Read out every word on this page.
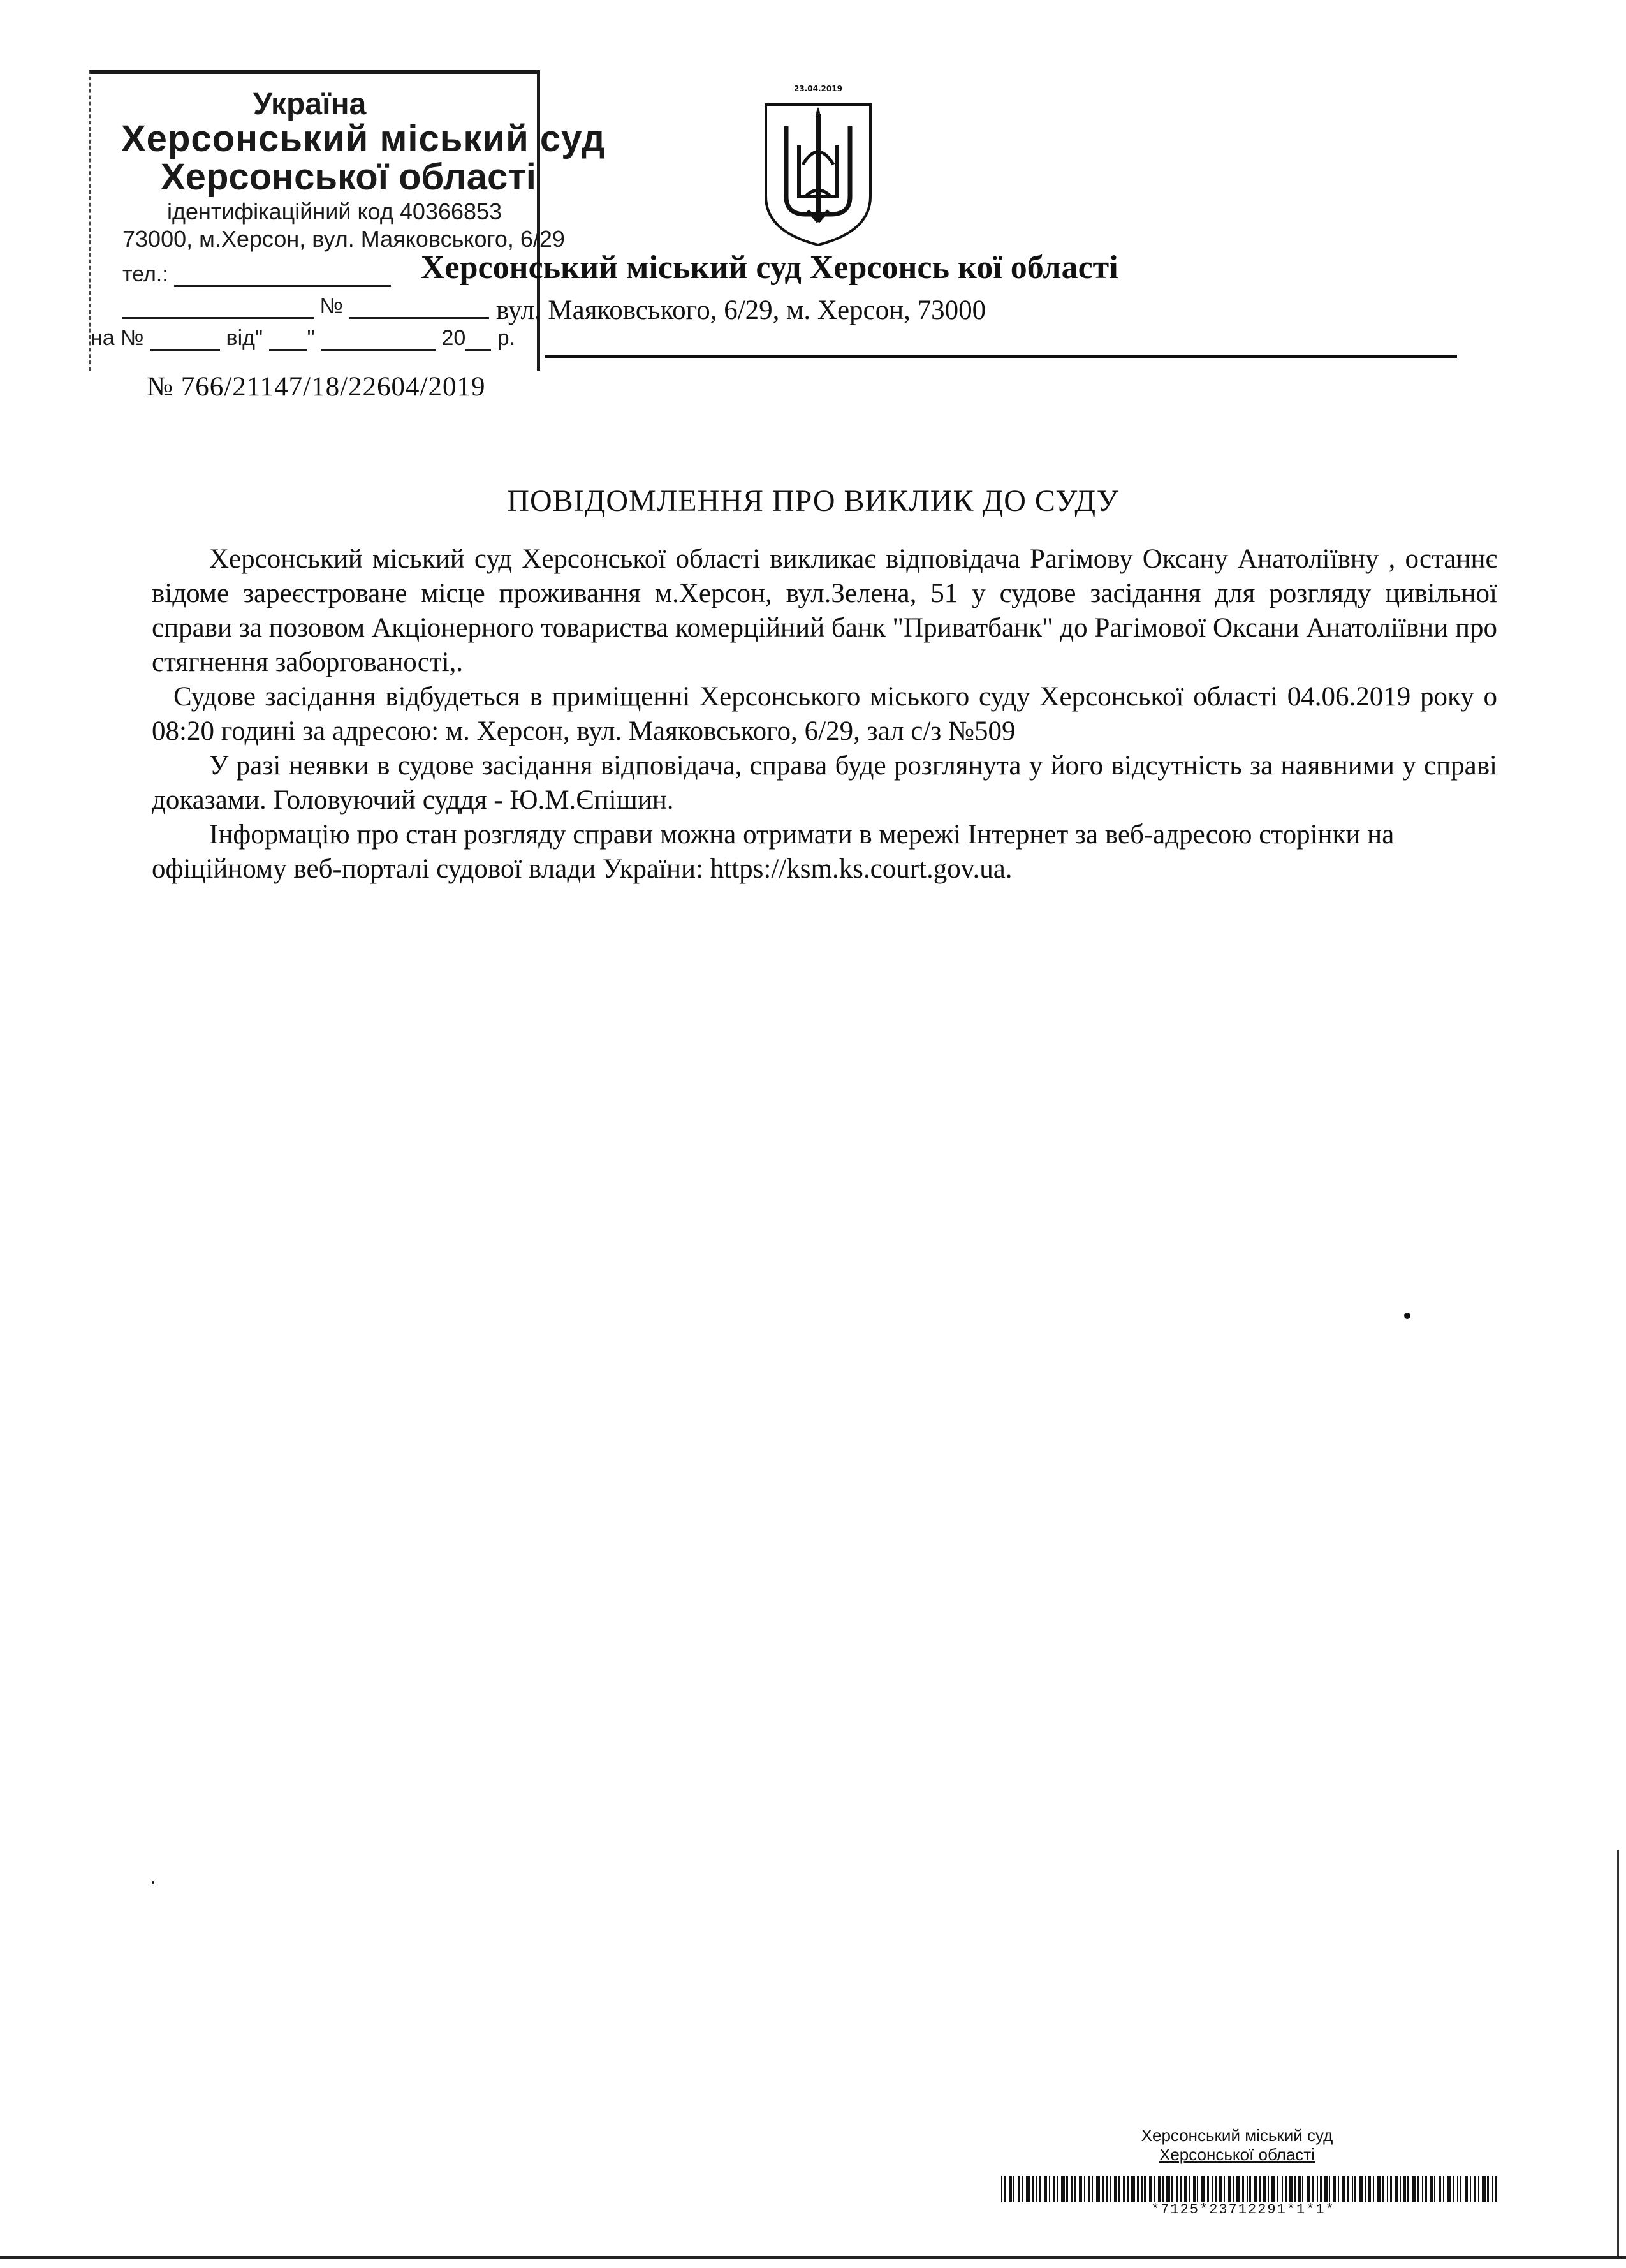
Україна
Херсонський міський суд
Херсонської області
ідентифікаційний код 40366853
73000, м.Херсон, вул. Маяковського, 6/29
тел.:
№
на №	від" "	20 р.
23.04.2019
Херсонський міський суд Херсонсь кої області
вул. Маяковського, 6/29, м. Херсон, 73000
№ 766/21147/18/22604/2019
ПОВІДОМЛЕННЯ ПРО ВИКЛИК ДО СУДУ

Херсонський міський суд Херсонської області викликає відповідача Рагімову Оксану Анатоліївну , останнє відоме зареєстроване місце проживання м.Херсон, вул.Зелена, 51 у судове засідання для розгляду цивільної справи за позовом Акціонерного товариства комерційний банк "Приватбанк" до Рагімової Оксани Анатоліївни про стягнення заборгованості,.

Судове засідання відбудеться в приміщенні Херсонського міського суду Херсонської області 04.06.2019 року о 08:20 годині за адресою: м. Херсон, вул. Маяковського, 6/29, зал с/з №509

У разі неявки в судове засідання відповідача, справа буде розглянута у його відсутність за наявними у справі доказами. Головуючий суддя - Ю.М.Єпішин.

Інформацію про стан розгляду справи можна отримати в мережі Інтернет за веб-адресою сторінки на офіційному веб-порталі судової влади України: https://ksm.ks.court.gov.ua.

Херсонський міський суд
Херсонської області
*7125*23712291*1*1*
